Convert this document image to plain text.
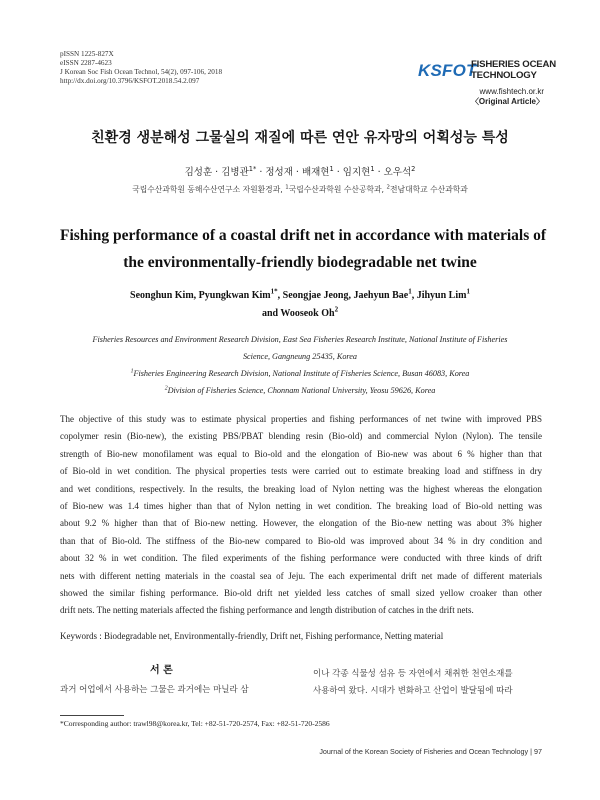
pISSN 1225-827X
eISSN 2287-4623
J Korean Soc Fish Ocean Technol, 54(2), 097-106, 2018
http://dx.doi.org/10.3796/KSFOT.2018.54.2.097
KSFOT
FISHERIES OCEAN
TECHNOLOGY
www.fishtech.or.kr
〈Original Article〉
친환경 생분해성 그물실의 재질에 따른 연안 유자망의 어획성능 특성
김성훈 · 김병관$^{1*}$ · 정성재 · 배재현$^1$ · 임지현$^1$ · 오우석$^2$
국립수산과학원 동해수산연구소 자원환경과, $^1$국립수산과학원 수산공학과, $^2$전남대학교 수산과학과
Fishing performance of a coastal drift net in accordance with materials of
the environmentally-friendly biodegradable net twine
Seonghun Kim, Pyungkwan Kim$^{1*}$, Seongjae Jeong, Jaehyun Bae$^1$, Jihyun Lim$^1$
and Wooseok Oh$^2$
Fisheries Resources and Environment Research Division, East Sea Fisheries Research Institute, National Institute of Fisheries
Science, Gangneung 25435, Korea
$^1$Fisheries Engineering Research Division, National Institute of Fisheries Science, Busan 46083, Korea
$^2$Division of Fisheries Science, Chonnam National University, Yeosu 59626, Korea
The objective of this study was to estimate physical properties and fishing performances of net twine with improved PBS
copolymer resin (Bio-new), the existing PBS/PBAT blending resin (Bio-old) and commercial Nylon (Nylon). The tensile
strength of Bio-new monofilament was equal to Bio-old and the elongation of Bio-new was about 6 % higher than that
of Bio-old in wet condition. The physical properties tests were carried out to estimate breaking load and stiffness in dry
and wet conditions, respectively. In the results, the breaking load of Nylon netting was the highest whereas the elongation
of Bio-new was 1.4 times higher than that of Nylon netting in wet condition. The breaking load of Bio-old netting was
about 9.2 % higher than that of Bio-new netting. However, the elongation of the Bio-new netting was about 3% higher
than that of Bio-old. The stiffness of the Bio-new compared to Bio-old was improved about 34 % in dry condition and
about 32 % in wet condition. The filed experiments of the fishing performance were conducted with three kinds of drift
nets with different netting materials in the coastal sea of Jeju. The each experimental drift net made of different materials
showed the similar fishing performance. Bio-old drift net yielded less catches of small sized yellow croaker than other
drift nets. The netting materials affected the fishing performance and length distribution of catches in the drift nets.
Keywords : Biodegradable net, Environmentally-friendly, Drift net, Fishing performance, Netting material
서 론
과거 어업에서 사용하는 그물은 과거에는 마닐라 삼
이나 각종 식물성 섬유 등 자연에서 채취한 천연소재를
사용하여 왔다. 시대가 변화하고 산업이 발달됨에 따라
*Corresponding author: trawl98@korea.kr, Tel: +82-51-720-2574, Fax: +82-51-720-2586
Journal of the Korean Society of Fisheries and Ocean Technology | 97
